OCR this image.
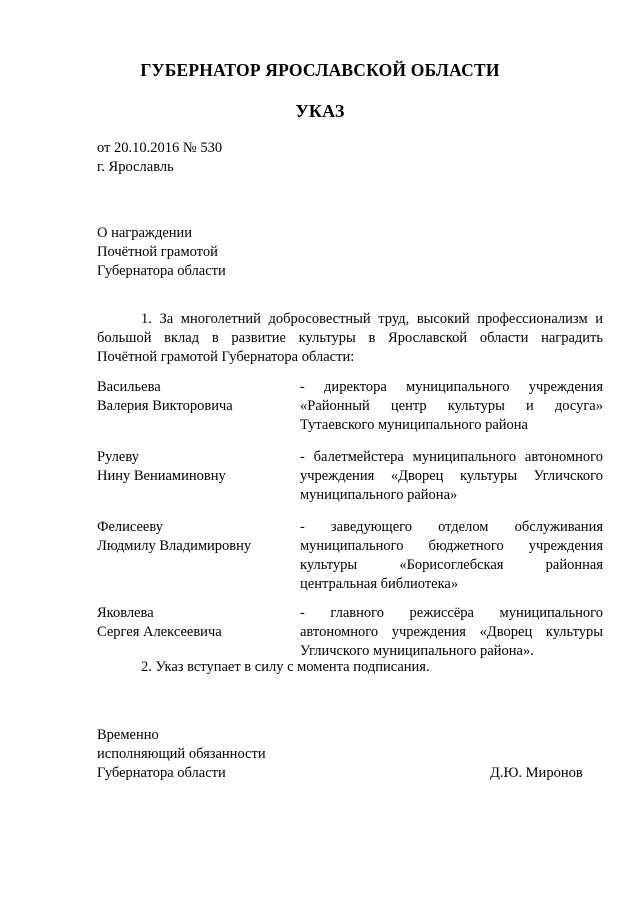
ГУБЕРНАТОР ЯРОСЛАВСКОЙ ОБЛАСТИ
УКАЗ
от 20.10.2016 № 530
г. Ярославль
О награждении
Почётной грамотой
Губернатора области
1. За многолетний добросовестный труд, высокий профессионализм и
большой вклад в развитие культуры в Ярославской области наградить
Почётной грамотой Губернатора области:
Васильева
Валерия Викторовича
- директора муниципального учреждения
«Районный центр культуры и досуга»
Тутаевского муниципального района
Рулеву
Нину Вениаминовну
- балетмейстера муниципального автономного
учреждения «Дворец культуры Угличского
муниципального района»
Фелисееву
Людмилу Владимировну
- заведующего отделом обслуживания
муниципального бюджетного учреждения
культуры «Борисоглебская районная
центральная библиотека»
Яковлева
Сергея Алексеевича
- главного режиссёра муниципального
автономного учреждения «Дворец культуры
Угличского муниципального района».
2. Указ вступает в силу с момента подписания.
Временно
исполняющий обязанности
Губернатора области	Д.Ю. Миронов
